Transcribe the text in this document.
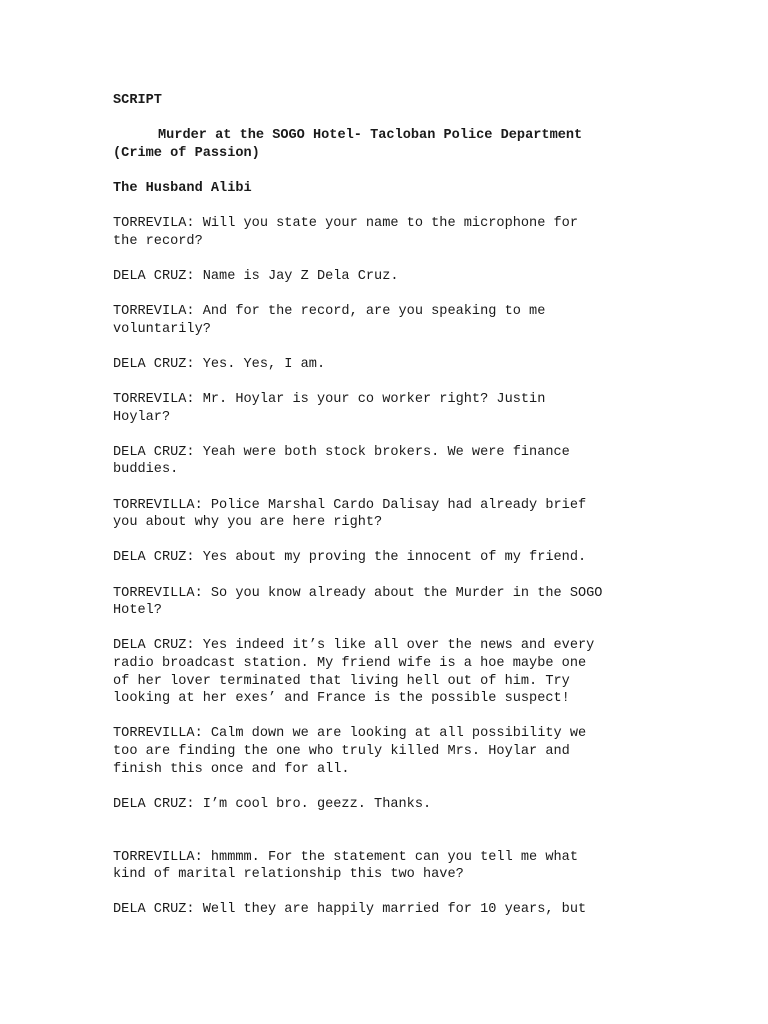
SCRIPT

Murder at the SOGO Hotel- Tacloban Police Department

(Crime of Passion)

The Husband Alibi

TORREVILA: Will you state your name to the microphone for

the record?

DELA CRUZ: Name is Jay Z Dela Cruz.

TORREVILA: And for the record, are you speaking to me

voluntarily?

DELA CRUZ: Yes. Yes, I am.

TORREVILA: Mr. Hoylar is your co worker right? Justin

Hoylar?

DELA CRUZ: Yeah were both stock brokers. We were finance

buddies.

TORREVILLA: Police Marshal Cardo Dalisay had already brief

you about why you are here right?

DELA CRUZ: Yes about my proving the innocent of my friend.

TORREVILLA: So you know already about the Murder in the SOGO

Hotel?

DELA CRUZ: Yes indeed it’s like all over the news and every

radio broadcast station. My friend wife is a hoe maybe one

of her lover terminated that living hell out of him. Try

looking at her exes’ and France is the possible suspect!

TORREVILLA: Calm down we are looking at all possibility we

too are finding the one who truly killed Mrs. Hoylar and

finish this once and for all.

DELA CRUZ: I’m cool bro. geezz. Thanks.

TORREVILLA: hmmmm. For the statement can you tell me what

kind of marital relationship this two have?

DELA CRUZ: Well they are happily married for 10 years, but
